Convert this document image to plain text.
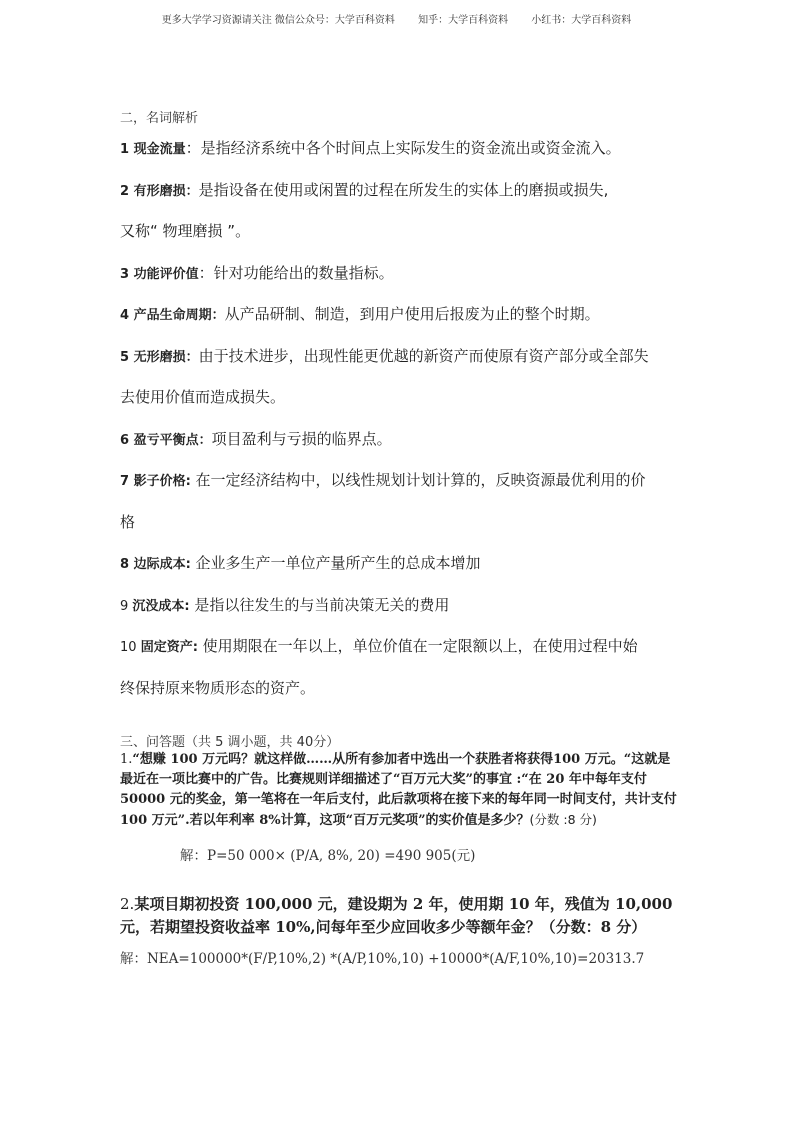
更多大学学习资源请关注 微信公众号：大学百科资料 知乎：大学百科资料 小红书：大学百科资料
二，名词解析
1 现金流量：是指经济系统中各个时间点上实际发生的资金流出或资金流入。
2 有形磨损：是指设备在使用或闲置的过程在所发生的实体上的磨损或损失,
又称“ 物理磨损 ”。
3 功能评价值：针对功能给出的数量指标。
4 产品生命周期：从产品研制、制造，到用户使用后报废为止的整个时期。
5 无形磨损：由于技术进步，出现性能更优越的新资产而使原有资产部分或全部失
去使用价值而造成损失。
6 盈亏平衡点：项目盈利与亏损的临界点。
7 影子价格: 在一定经济结构中，以线性规划计划计算的，反映资源最优利用的价
格
8 边际成本: 企业多生产一单位产量所产生的总成本增加
9 沉没成本: 是指以往发生的与当前决策无关的费用
10 固定资产: 使用期限在一年以上，单位价值在一定限额以上，在使用过程中始
终保持原来物质形态的资产。
三、问答题（共 5 调小题，共 40分）
1.“想赚 100 万元吗？就这样做……从所有参加者中选出一个获胜者将获得100 万元。“这就是最近在一项比赛中的广告。比赛规则详细描述了“百万元大奖”的事宜 :“在 20 年中每年支付 50000 元的奖金，第一笔将在一年后支付，此后款项将在接下来的每年同一时间支付，共计支付 100 万元”.若以年利率 8%计算，这项“百万元奖项”的实价值是多少？(分数 :8 分)
解：P=50 000× (P/A, 8%, 20) =490 905(元)
2.某项目期初投资 100,000 元，建设期为 2 年，使用期 10 年，残值为 10,000 元，若期望投资收益率 10%,问每年至少应回收多少等额年金？（分数：8 分）
解：NEA=100000*(F/P,10%,2) *(A/P,10%,10) +10000*(A/F,10%,10)=20313.7
